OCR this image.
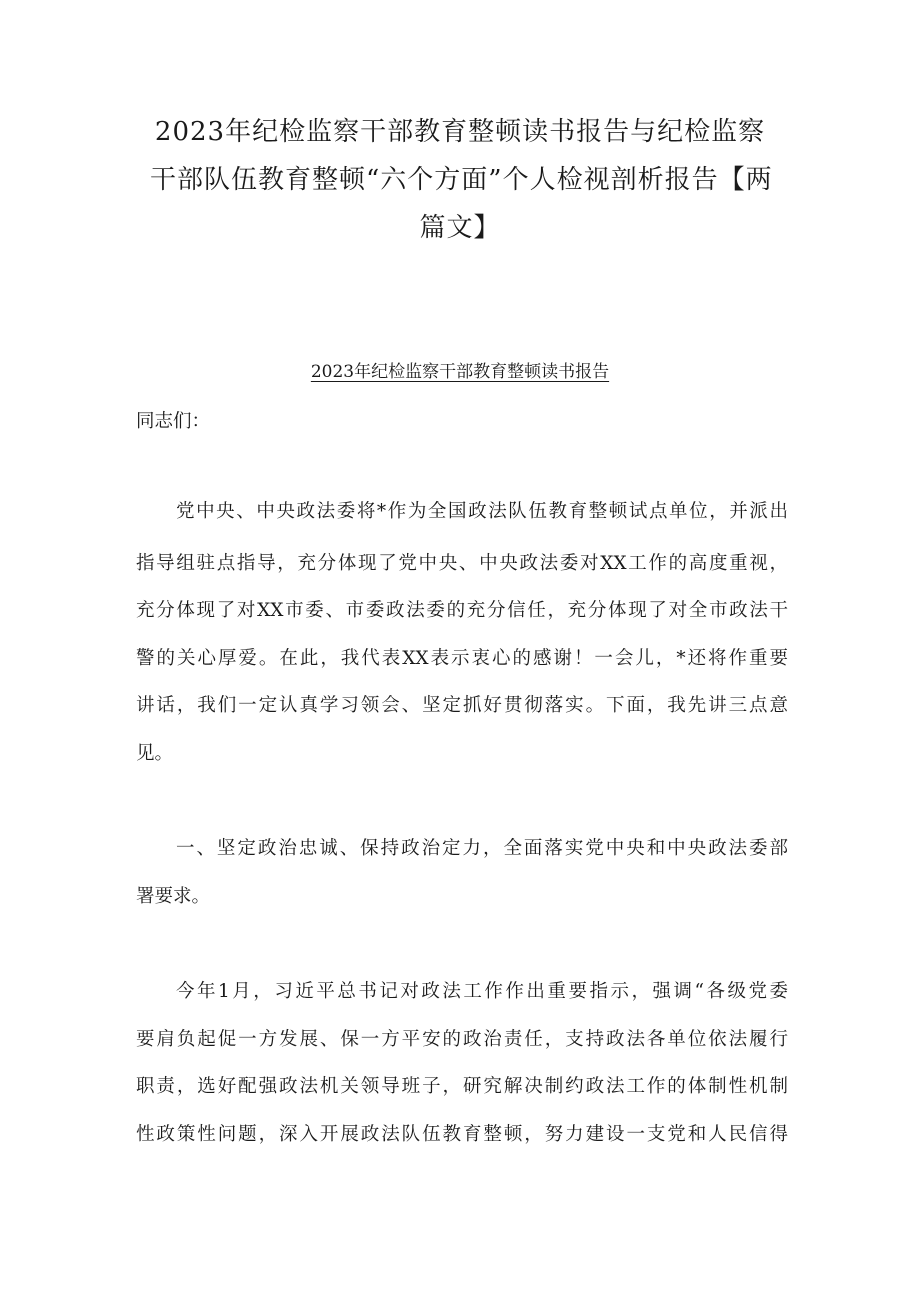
2023年纪检监察干部教育整顿读书报告与纪检监察
干部队伍教育整顿“六个方面”个人检视剖析报告【两
篇文】
2023年纪检监察干部教育整顿读书报告

同志们：

党中央、中央政法委将*作为全国政法队伍教育整顿试点单位，并派出

指导组驻点指导，充分体现了党中央、中央政法委对XX工作的高度重视，

充分体现了对XX市委、市委政法委的充分信任，充分体现了对全市政法干

警的关心厚爱。在此，我代表XX表示衷心的感谢！一会儿，*还将作重要

讲话，我们一定认真学习领会、坚定抓好贯彻落实。下面，我先讲三点意

见。

一、坚定政治忠诚、保持政治定力，全面落实党中央和中央政法委部

署要求。

今年1月，习近平总书记对政法工作作出重要指示，强调“各级党委

要肩负起促一方发展、保一方平安的政治责任，支持政法各单位依法履行

职责，选好配强政法机关领导班子，研究解决制约政法工作的体制性机制

性政策性问题，深入开展政法队伍教育整顿，努力建设一支党和人民信得
